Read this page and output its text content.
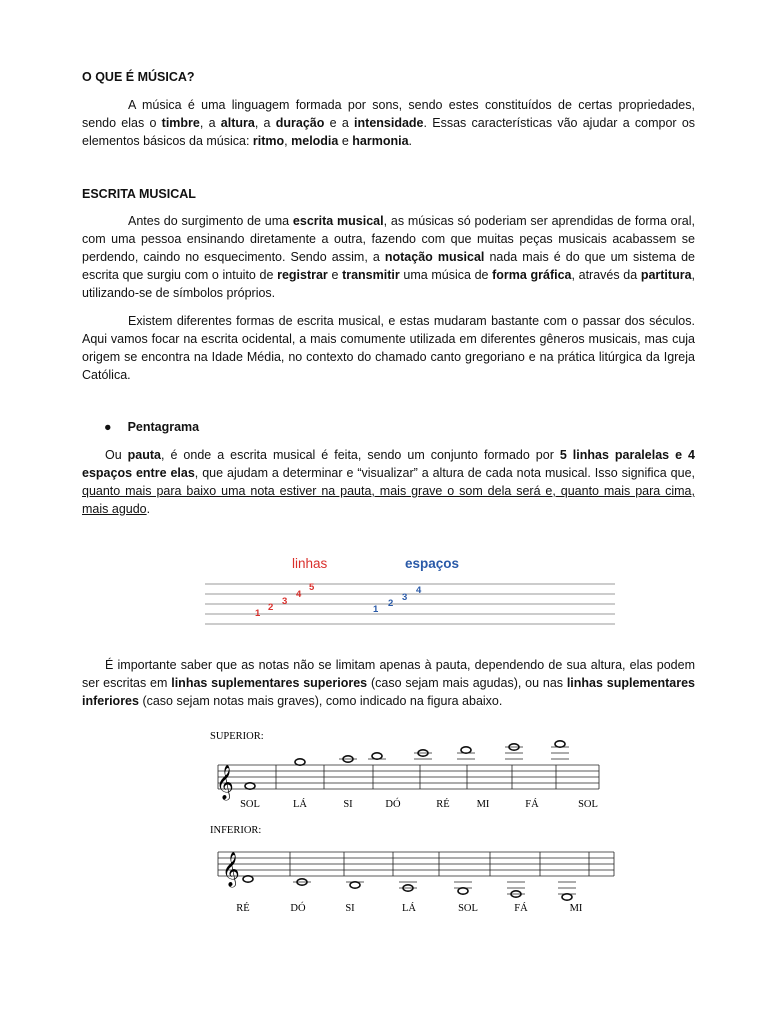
O QUE É MÚSICA?
A música é uma linguagem formada por sons, sendo estes constituídos de certas propriedades, sendo elas o timbre, a altura, a duração e a intensidade. Essas características vão ajudar a compor os elementos básicos da música: ritmo, melodia e harmonia.
ESCRITA MUSICAL
Antes do surgimento de uma escrita musical, as músicas só poderiam ser aprendidas de forma oral, com uma pessoa ensinando diretamente a outra, fazendo com que muitas peças musicais acabassem se perdendo, caindo no esquecimento. Sendo assim, a notação musical nada mais é do que um sistema de escrita que surgiu com o intuito de registrar e transmitir uma música de forma gráfica, através da partitura, utilizando-se de símbolos próprios.
Existem diferentes formas de escrita musical, e estas mudaram bastante com o passar dos séculos. Aqui vamos focar na escrita ocidental, a mais comumente utilizada em diferentes gêneros musicais, mas cuja origem se encontra na Idade Média, no contexto do chamado canto gregoriano e na prática litúrgica da Igreja Católica.
● Pentagrama
Ou pauta, é onde a escrita musical é feita, sendo um conjunto formado por 5 linhas paralelas e 4 espaços entre elas, que ajudam a determinar e “visualizar” a altura de cada nota musical. Isso significa que, quanto mais para baixo uma nota estiver na pauta, mais grave o som dela será e, quanto mais para cima, mais agudo.
É importante saber que as notas não se limitam apenas à pauta, dependendo de sua altura, elas podem ser escritas em linhas suplementares superiores (caso sejam mais agudas), ou nas linhas suplementares inferiores (caso sejam notas mais graves), como indicado na figura abaixo.
linhas	espaços
1
2
3
4
5
1
2
3
4
SUPERIOR:
𝄞
SOL	LÁ	SI	DÓ	RÉ	MI	FÁ	SOL
INFERIOR:
𝄞
RÉ	DÓ	SI	LÁ	SOL	FÁ	MI
